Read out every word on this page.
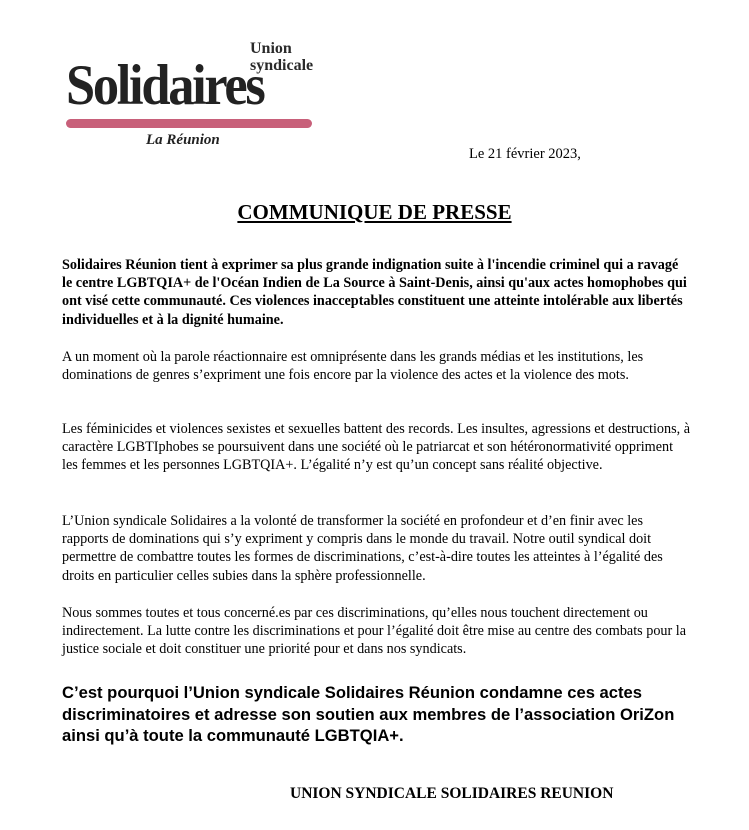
Union
syndicale
Solidaires
La Réunion
Le 21 février 2023,
COMMUNIQUE DE PRESSE

Solidaires Réunion tient à exprimer sa plus grande indignation suite à l'incendie criminel qui a ravagé le centre LGBTQIA+ de l'Océan Indien de La Source à Saint-Denis, ainsi qu'aux actes homophobes qui ont visé cette communauté. Ces violences inacceptables constituent une atteinte intolérable aux libertés individuelles et à la dignité humaine.

A un moment où la parole réactionnaire est omniprésente dans les grands médias et les institutions, les dominations de genres s’expriment une fois encore par la violence des actes et la violence des mots.

Les féminicides et violences sexistes et sexuelles battent des records. Les insultes, agressions et destructions, à caractère LGBTIphobes se poursuivent dans une société où le patriarcat et son hétéronormativité oppriment les femmes et les personnes LGBTQIA+. L’égalité n’y est qu’un concept sans réalité objective.

L’Union syndicale Solidaires a la volonté de transformer la société en profondeur et d’en finir avec les rapports de dominations qui s’y expriment y compris dans le monde du travail. Notre outil syndical doit permettre de combattre toutes les formes de discriminations, c’est-à-dire toutes les atteintes à l’égalité des droits en particulier celles subies dans la sphère professionnelle.

Nous sommes toutes et tous concerné.es par ces discriminations, qu’elles nous touchent directement ou indirectement. La lutte contre les discriminations et pour l’égalité doit être mise au centre des combats pour la justice sociale et doit constituer une priorité pour et dans nos syndicats.

C’est pourquoi l’Union syndicale Solidaires Réunion condamne ces actes discriminatoires et adresse son soutien aux membres de l’association OriZon ainsi qu’à toute la communauté LGBTQIA+.

UNION SYNDICALE SOLIDAIRES REUNION
